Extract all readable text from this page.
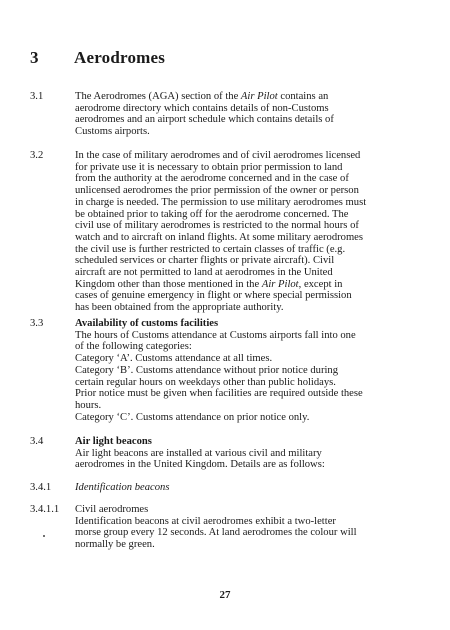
3 Aerodromes
3.1	The Aerodromes (AGA) section of the Air Pilot contains an
aerodrome directory which contains details of non-Customs
aerodromes and an airport schedule which contains details of
Customs airports.
3.2	In the case of military aerodromes and of civil aerodromes licensed
for private use it is necessary to obtain prior permission to land
from the authority at the aerodrome concerned and in the case of
unlicensed aerodromes the prior permission of the owner or person
in charge is needed. The permission to use military aerodromes must
be obtained prior to taking off for the aerodrome concerned. The
civil use of military aerodromes is restricted to the normal hours of
watch and to aircraft on inland flights. At some military aerodromes
the civil use is further restricted to certain classes of traffic (e.g.
scheduled services or charter flights or private aircraft). Civil
aircraft are not permitted to land at aerodromes in the United
Kingdom other than those mentioned in the Air Pilot, except in
cases of genuine emergency in flight or where special permission
has been obtained from the appropriate authority.
3.3	Availability of customs facilities
The hours of Customs attendance at Customs airports fall into one
of the following categories:
Category ‘A’. Customs attendance at all times.
Category ‘B’. Customs attendance without prior notice during
certain regular hours on weekdays other than public holidays.
Prior notice must be given when facilities are required outside these
hours.
Category ‘C’. Customs attendance on prior notice only.
3.4	Air light beacons
Air light beacons are installed at various civil and military
aerodromes in the United Kingdom. Details are as follows:
3.4.1 Identification beacons
3.4.1.1 Civil aerodromes
Identification beacons at civil aerodromes exhibit a two-letter
morse group every 12 seconds. At land aerodromes the colour will
normally be green.
27
